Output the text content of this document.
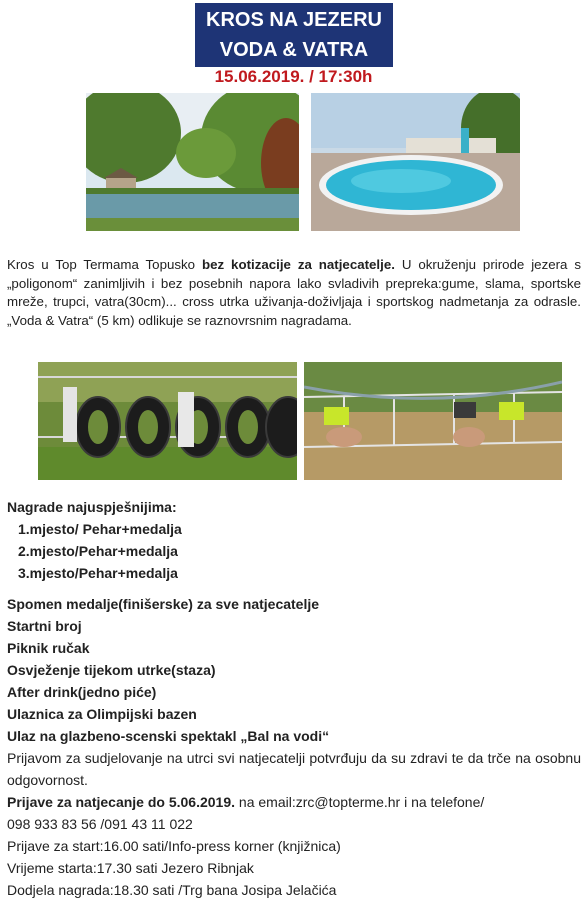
KROS NA JEZERU
VODA & VATRA
15.06.2019. / 17:30h
Kros u Top Termama Topusko bez kotizacije za natjecatelje. U okruženju prirode jezera s „poligonom“ zanimljivih i bez posebnih napora lako svladivih prepreka:gume, slama, sportske mreže, trupci, vatra(30cm)... cross utrka uživanja-doživljaja i sportskog nadmetanja za odrasle. „Voda & Vatra“ (5 km) odlikuje se raznovrsnim nagradama.
Nagrade najuspješnijima:
1.mjesto/ Pehar+medalja
2.mjesto/Pehar+medalja
3.mjesto/Pehar+medalja
Spomen medalje(finišerske) za sve natjecatelje
Startni broj
Piknik ručak
Osvježenje tijekom utrke(staza)
After drink(jedno piće)
Ulaznica za Olimpijski bazen
Ulaz na glazbeno-scenski spektakl „Bal na vodi“
Prijavom za sudjelovanje na utrci svi natjecatelji potvrđuju da su zdravi te da trče na osobnu odgovornost.
Prijave za natjecanje do 5.06.2019. na email:zrc@topterme.hr i na telefone/
098 933 83 56 /091 43 11 022
Prijave za start:16.00 sati/Info-press korner (knjižnica)
Vrijeme starta:17.30 sati Jezero Ribnjak
Dodjela nagrada:18.30 sati /Trg bana Josipa Jelačića
